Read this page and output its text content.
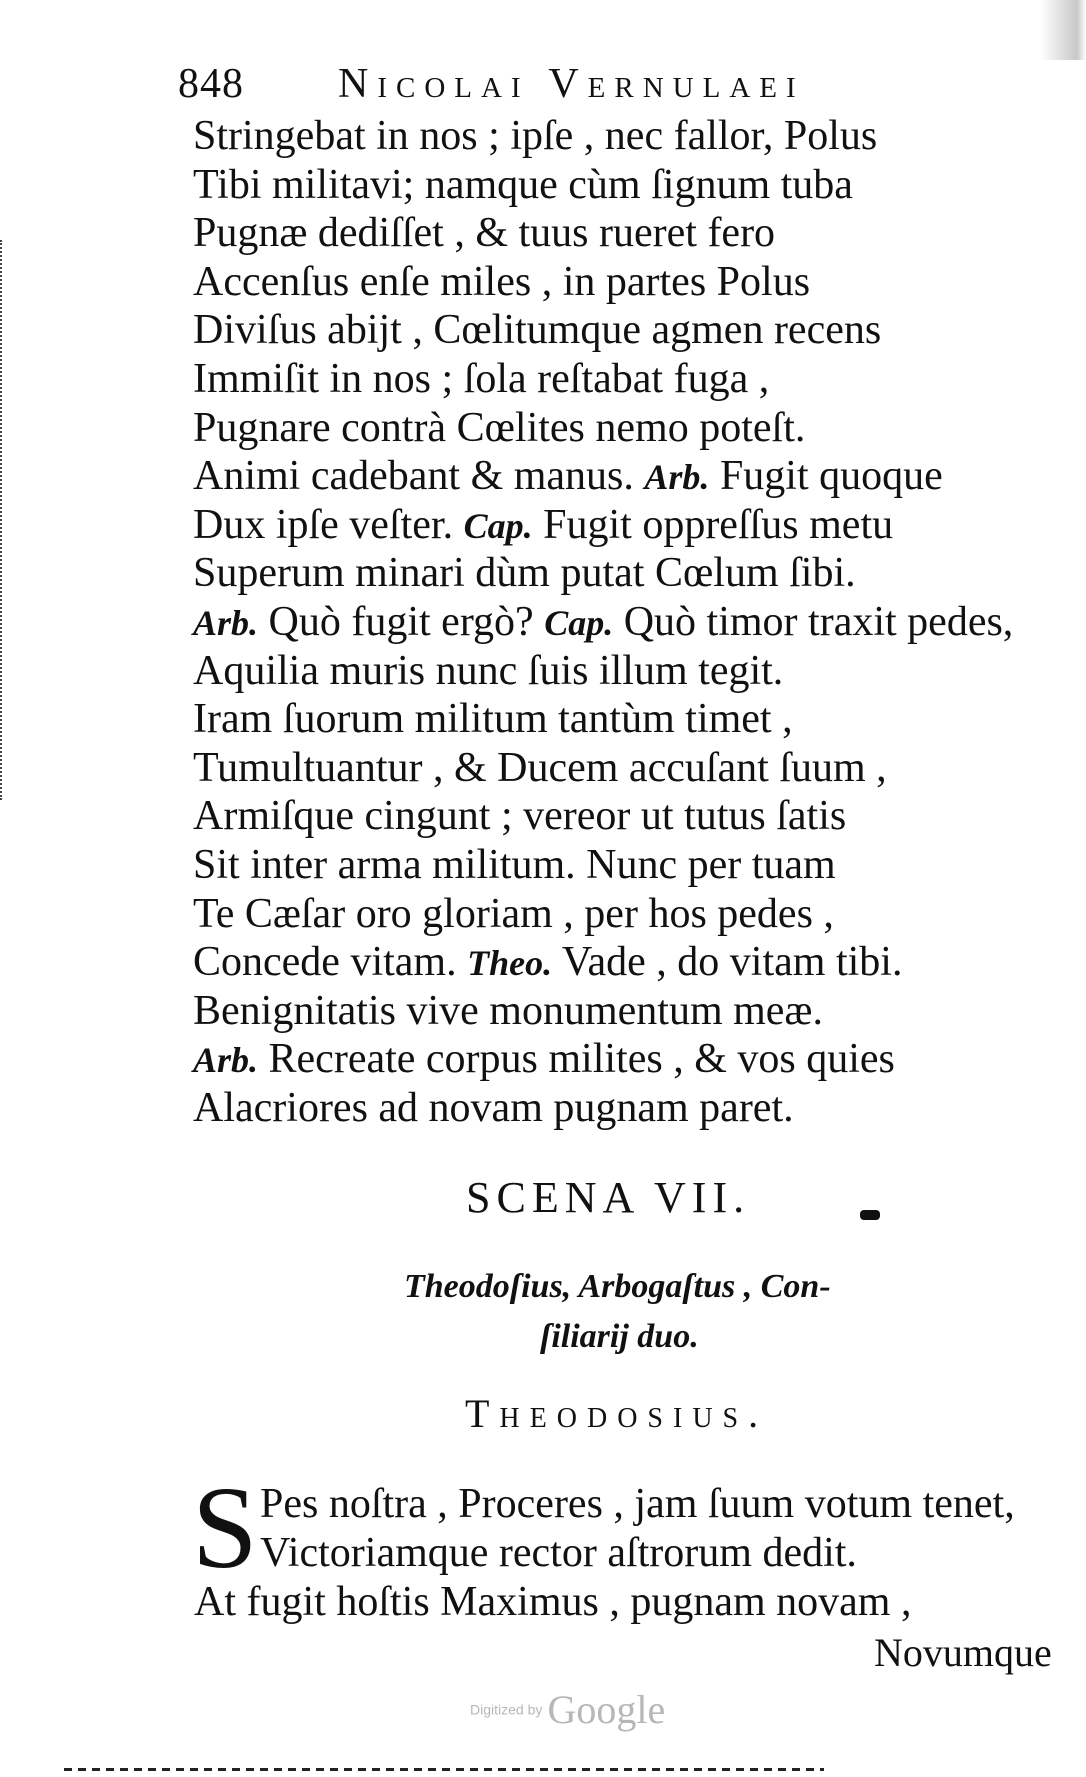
848 Nicolai Vernulaei
Stringebat in nos ; ipſe , nec fallor, Polus
Tibi militavi; namque cùm ſignum tuba
Pugnæ dediſſet , & tuus rueret fero
Accenſus enſe miles , in partes Polus
Diviſus abijt , Cœlitumque agmen recens
Immiſit in nos ; ſola reſtabat fuga ,
Pugnare contrà Cœlites nemo poteſt.
Animi cadebant & manus. Arb. Fugit quoque
Dux ipſe veſter. Cap. Fugit oppreſſus metu
Superum minari dùm putat Cœlum ſibi.
Arb. Quò fugit ergò? Cap. Quò timor traxit pedes,
Aquilia muris nunc ſuis illum tegit.
Iram ſuorum militum tantùm timet ,
Tumultuantur , & Ducem accuſant ſuum ,
Armiſque cingunt ; vereor ut tutus ſatis
Sit inter arma militum. Nunc per tuam
Te Cæſar oro gloriam , per hos pedes ,
Concede vitam. Theo. Vade , do vitam tibi.
Benignitatis vive monumentum meæ.
Arb. Recreate corpus milites , & vos quies
Alacriores ad novam pugnam paret.
SCENA VII.
Theodoſius, Arbogaſtus , Con-
ſiliarij duo.
Theodosius.
S Pes noſtra , Proceres , jam ſuum votum tenet,
Victoriamque rector aſtrorum dedit.
At fugit hoſtis Maximus , pugnam novam ,
Novumque
Digitized by Google
